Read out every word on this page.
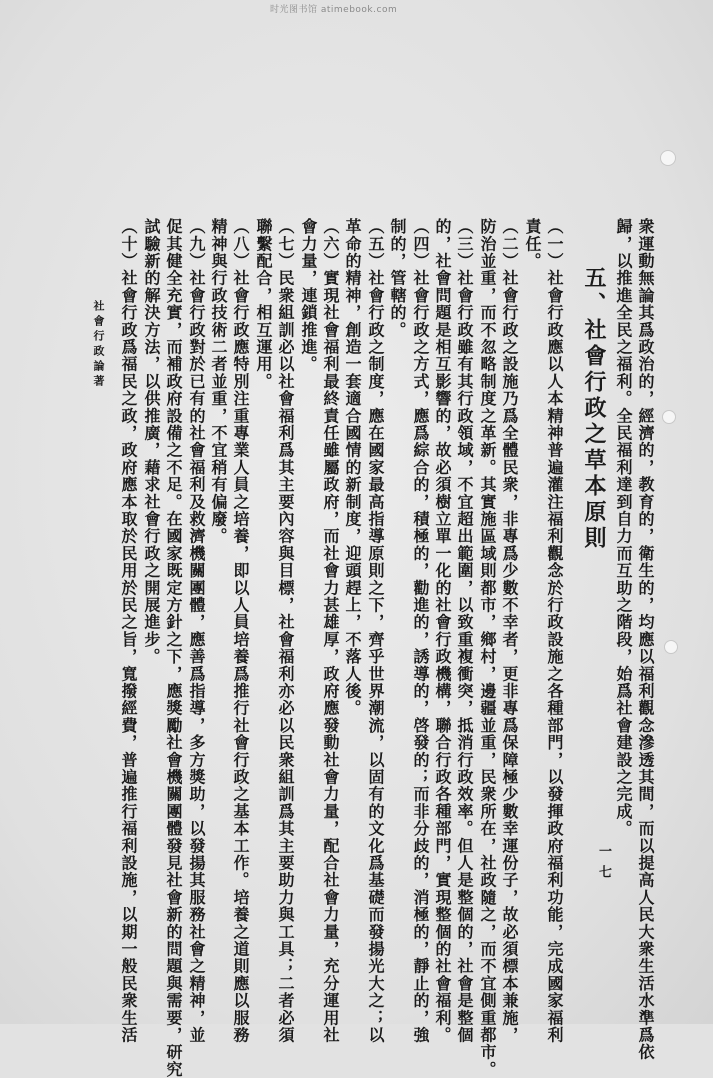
时光图书馆 atimebook.com
社會行政論著
一七
五、社會行政之草本原則 衆運動無論其爲政治的，經濟的，教育的，衛生的，均應以福利觀念滲透其間，而以提高人民大衆生活水準爲依
歸，以推進全民之福利。全民福利達到自力而互助之階段，始爲社會建設之完成。
（一）社會行政應以人本精神普遍灌注福利觀念於行政設施之各種部門，以發揮政府福利功能，完成國家福利
責任。
（二）社會行政之設施乃爲全體民衆，非專爲少數不幸者，更非專爲保障極少數幸運份子，故必須標本兼施，
防治並重，而不忽略制度之革新。其實施區域則都市，鄉村，邊疆並重，民衆所在，社政隨之，而不宜側重都市。
（三）社會行政雖有其行政領域，不宜超出範圍，以致重複衝突，抵消行政效率。但人是整個的，社會是整個
的，社會問題是相互影響的，故必須樹立單一化的社會行政機構，聯合行政各種部門，實現整個的社會福利。
（四）社會行政之方式，應爲綜合的，積極的，勸進的，誘導的，啓發的；而非分歧的，消極的，靜止的，強
制的，管轄的。
（五）社會行政之制度，應在國家最高指導原則之下，齊乎世界潮流，以固有的文化爲基礎而發揚光大之；以
革命的精神，創造一套適合國情的新制度，迎頭趕上，不落人後。
（六）實現社會福利最終責任雖屬政府，而社會力甚雄厚，政府應發動社會力量，配合社會力量，充分運用社
會力量，連鎖推進。
（七）民衆組訓必以社會福利爲其主要內容與目標，社會福利亦必以民衆組訓爲其主要助力與工具；二者必須
聯繫配合，相互運用。
（八）社會行政應特別注重專業人員之培養，即以人員培養爲推行社會行政之基本工作。培養之道則應以服務
精神與行政技術二者並重，不宜稍有偏廢。
（九）社會行政對於已有的社會福利及救濟機關團體，應善爲指導，多方獎助，以發揚其服務社會之精神，並
促其健全充實，而補政府設備之不足。在國家既定方針之下，應獎勵社會機關團體發見社會新的問題與需要，研究
試驗新的解決方法，以供推廣，藉求社會行政之開展進步。
（十）社會行政爲福民之政，政府應本取於民用於民之旨，寬撥經費，普遍推行福利設施，以期一般民衆生活
